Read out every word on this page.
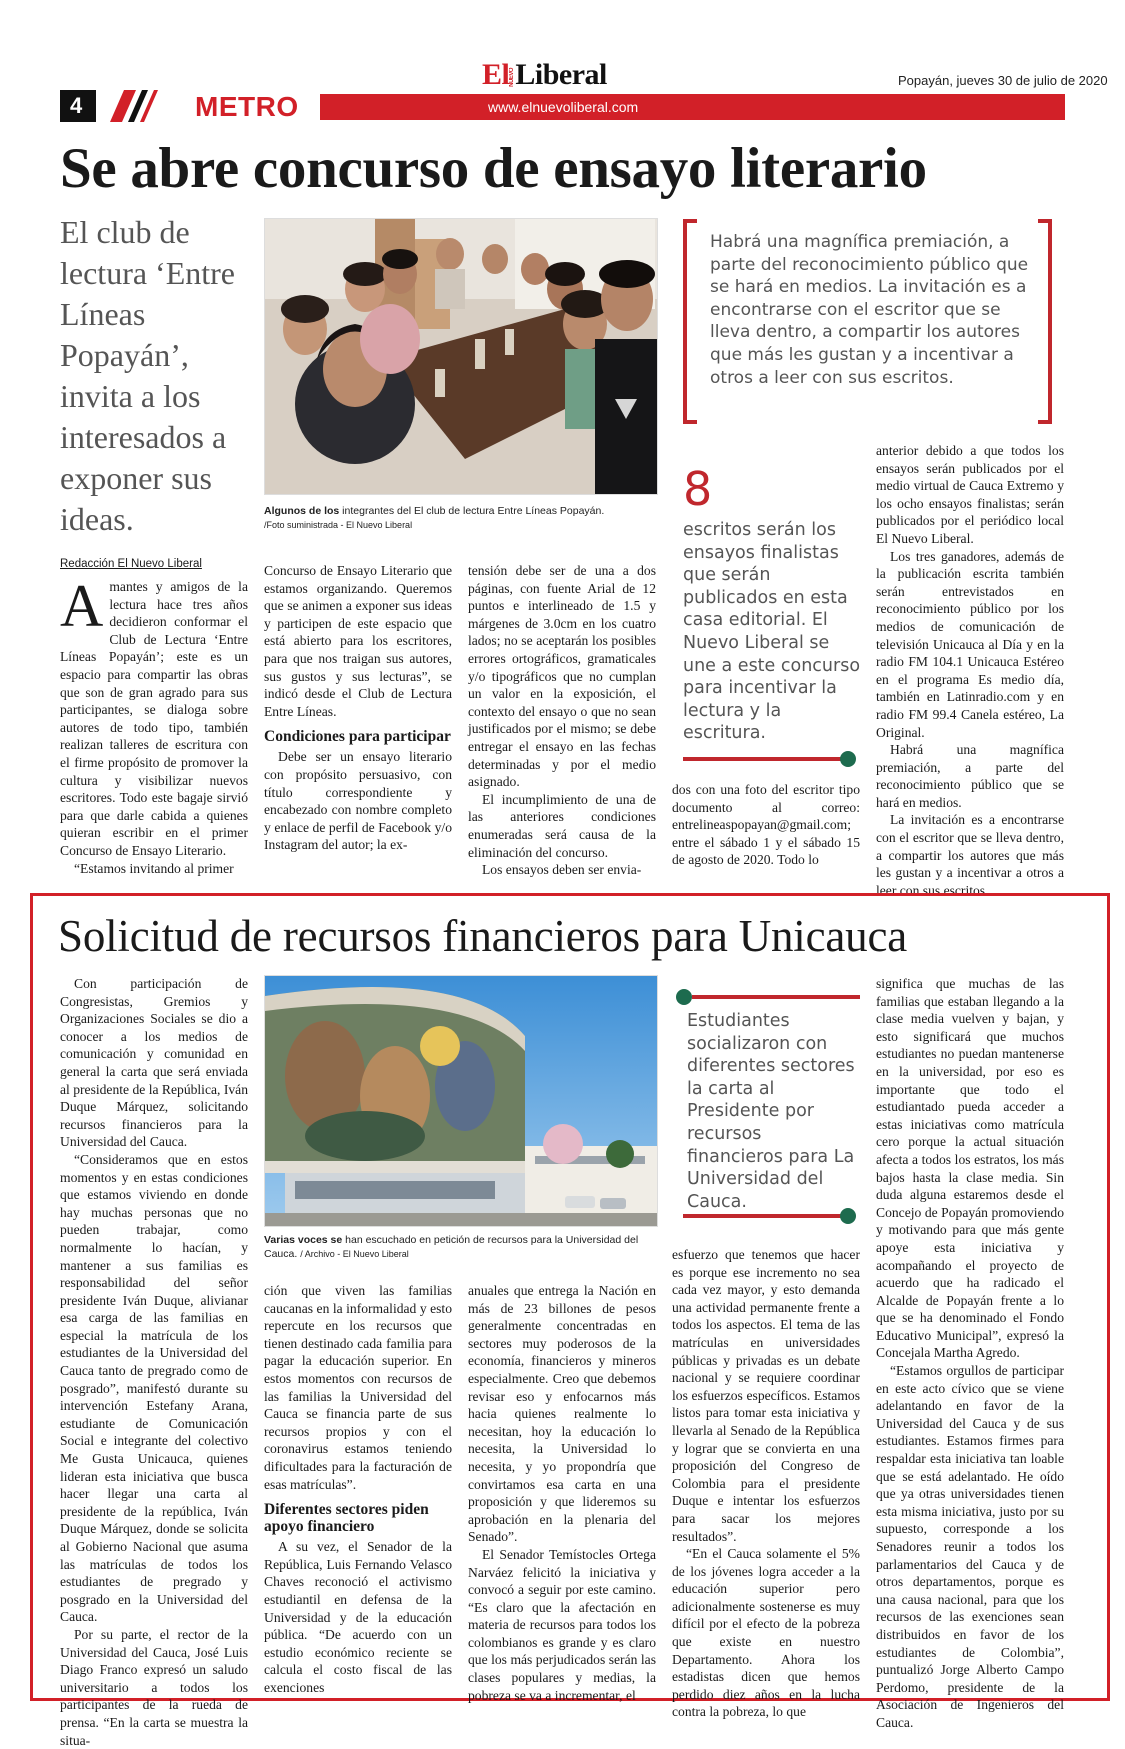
4	METRO
ElNUEVOLiberal
www.elnuevoliberal.com
Popayán, jueves 30 de julio de 2020
Se abre concurso de ensayo literario
El club de lectura ‘Entre Líneas Popayán’, invita a los interesados a exponer sus ideas.	Algunos de los integrantes del El club de lectura Entre Líneas Popayán.
/Foto suministrada - El Nuevo Liberal
Habrá una magnífica premiación, a parte del reconocimiento público que se hará en medios. La invitación es a encontrarse con el escritor que se lleva dentro, a compartir los autores que más les gustan y a incentivar a otros a leer con sus escritos.
8
escritos serán los ensayos finalistas que serán publicados en esta casa editorial. El Nuevo Liberal se une a este concurso para incentivar la lectura y la escritura.
Redacción El Nuevo Liberal

Amantes y amigos de la lectura hace tres años decidieron conformar el Club de Lectura ‘Entre Líneas Popayán’; este es un espacio para compartir las obras que son de gran agrado para sus participantes, se dialoga sobre autores de todo tipo, también realizan talleres de escritura con el firme propósito de promover la cultura y visibilizar nuevos escritores. Todo este bagaje sirvió para que darle cabida a quienes quieran escribir en el primer Concurso de Ensayo Literario.

“Estamos invitando al primer

Concurso de Ensayo Literario que estamos organizando. Queremos que se animen a exponer sus ideas y participen de este espacio que está abierto para los escritores, para que nos traigan sus autores, sus gustos y sus lecturas”, se indicó desde el Club de Lectura Entre Líneas.

Condiciones para participar

Debe ser un ensayo literario con propósito persuasivo, con título correspondiente y encabezado con nombre completo y enlace de perfil de Facebook y/o Instagram del autor; la ex-

tensión debe ser de una a dos páginas, con fuente Arial de 12 puntos e interlineado de 1.5 y márgenes de 3.0cm en los cuatro lados; no se aceptarán los posibles errores ortográficos, gramaticales y/o tipográficos que no cumplan un valor en la exposición, el contexto del ensayo o que no sean justificados por el mismo; se debe entregar el ensayo en las fechas determinadas y por el medio asignado.

El incumplimiento de una de las anteriores condiciones enumeradas será causa de la eliminación del concurso.

Los ensayos deben ser envia-

dos con una foto del escritor tipo documento al correo: entrelineaspopayan@gmail.com; entre el sábado 1 y el sábado 15 de agosto de 2020. Todo lo

anterior debido a que todos los ensayos serán publicados por el medio virtual de Cauca Extremo y los ocho ensayos finalistas; serán publicados por el periódico local El Nuevo Liberal.

Los tres ganadores, además de la publicación escrita también serán entrevistados en reconocimiento público por los medios de comunicación de televisión Unicauca al Día y en la radio FM 104.1 Unicauca Estéreo en el programa Es medio día, también en Latinradio.com y en radio FM 99.4 Canela estéreo, La Original.

Habrá una magnífica premiación, a parte del reconocimiento público que se hará en medios.

La invitación es a encontrarse con el escritor que se lleva dentro, a compartir los autores que más les gustan y a incentivar a otros a leer con sus escritos.

Solicitud de recursos financieros para Unicauca
Varias voces se han escuchado en petición de recursos para la Universidad del Cauca. / Archivo - El Nuevo Liberal
Estudiantes socializaron con diferentes sectores la carta al Presidente por recursos financieros para La Universidad del Cauca.

Con participación de Congresistas, Gremios y Organizaciones Sociales se dio a conocer a los medios de comunicación y comunidad en general la carta que será enviada al presidente de la República, Iván Duque Márquez, solicitando recursos financieros para la Universidad del Cauca.

“Consideramos que en estos momentos y en estas condiciones que estamos viviendo en donde hay muchas personas que no pueden trabajar, como normalmente lo hacían, y mantener a sus familias es responsabilidad del señor presidente Iván Duque, alivianar esa carga de las familias en especial la matrícula de los estudiantes de la Universidad del Cauca tanto de pregrado como de posgrado”, manifestó durante su intervención Estefany Arana, estudiante de Comunicación Social e integrante del colectivo Me Gusta Unicauca, quienes lideran esta iniciativa que busca hacer llegar una carta al presidente de la república, Iván Duque Márquez, donde se solicita al Gobierno Nacional que asuma las matrículas de todos los estudiantes de pregrado y posgrado en la Universidad del Cauca.

Por su parte, el rector de la Universidad del Cauca, José Luis Diago Franco expresó un saludo universitario a todos los participantes de la rueda de prensa. “En la carta se muestra la situa-

ción que viven las familias caucanas en la informalidad y esto repercute en los recursos que tienen destinado cada familia para pagar la educación superior. En estos momentos con recursos de las familias la Universidad del Cauca se financia parte de sus recursos propios y con el coronavirus estamos teniendo dificultades para la facturación de esas matrículas”.

Diferentes sectores piden apoyo financiero

A su vez, el Senador de la República, Luis Fernando Velasco Chaves reconoció el activismo estudiantil en defensa de la Universidad y de la educación pública. “De acuerdo con un estudio económico reciente se calcula el costo fiscal de las exenciones

anuales que entrega la Nación en más de 23 billones de pesos generalmente concentradas en sectores muy poderosos de la economía, financieros y mineros especialmente. Creo que debemos revisar eso y enfocarnos más hacia quienes realmente lo necesitan, hoy la educación lo necesita, la Universidad lo necesita, y yo propondría que convirtamos esa carta en una proposición y que lideremos su aprobación en la plenaria del Senado”.

El Senador Temístocles Ortega Narváez felicitó la iniciativa y convocó a seguir por este camino. “Es claro que la afectación en materia de recursos para todos los colombianos es grande y es claro que los más perjudicados serán las clases populares y medias, la pobreza se va a incrementar, el

esfuerzo que tenemos que hacer es porque ese incremento no sea cada vez mayor, y esto demanda una actividad permanente frente a todos los aspectos. El tema de las matrículas en universidades públicas y privadas es un debate nacional y se requiere coordinar los esfuerzos específicos. Estamos listos para tomar esta iniciativa y llevarla al Senado de la República y lograr que se convierta en una proposición del Congreso de Colombia para el presidente Duque e intentar los esfuerzos para sacar los mejores resultados”.

“En el Cauca solamente el 5% de los jóvenes logra acceder a la educación superior pero adicionalmente sostenerse es muy difícil por el efecto de la pobreza que existe en nuestro Departamento. Ahora los estadistas dicen que hemos perdido diez años en la lucha contra la pobreza, lo que

significa que muchas de las familias que estaban llegando a la clase media vuelven y bajan, y esto significará que muchos estudiantes no puedan mantenerse en la universidad, por eso es importante que todo el estudiantado pueda acceder a estas iniciativas como matrícula cero porque la actual situación afecta a todos los estratos, los más bajos hasta la clase media. Sin duda alguna estaremos desde el Concejo de Popayán promoviendo y motivando para que más gente apoye esta iniciativa y acompañando el proyecto de acuerdo que ha radicado el Alcalde de Popayán frente a lo que se ha denominado el Fondo Educativo Municipal”, expresó la Concejala Martha Agredo.

“Estamos orgullos de participar en este acto cívico que se viene adelantando en favor de la Universidad del Cauca y de sus estudiantes. Estamos firmes para respaldar esta iniciativa tan loable que se está adelantado. He oído que ya otras universidades tienen esta misma iniciativa, justo por su supuesto, corresponde a los Senadores reunir a todos los parlamentarios del Cauca y de otros departamentos, porque es una causa nacional, para que los recursos de las exenciones sean distribuidos en favor de los estudiantes de Colombia”, puntualizó Jorge Alberto Campo Perdomo, presidente de la Asociación de Ingenieros del Cauca.
